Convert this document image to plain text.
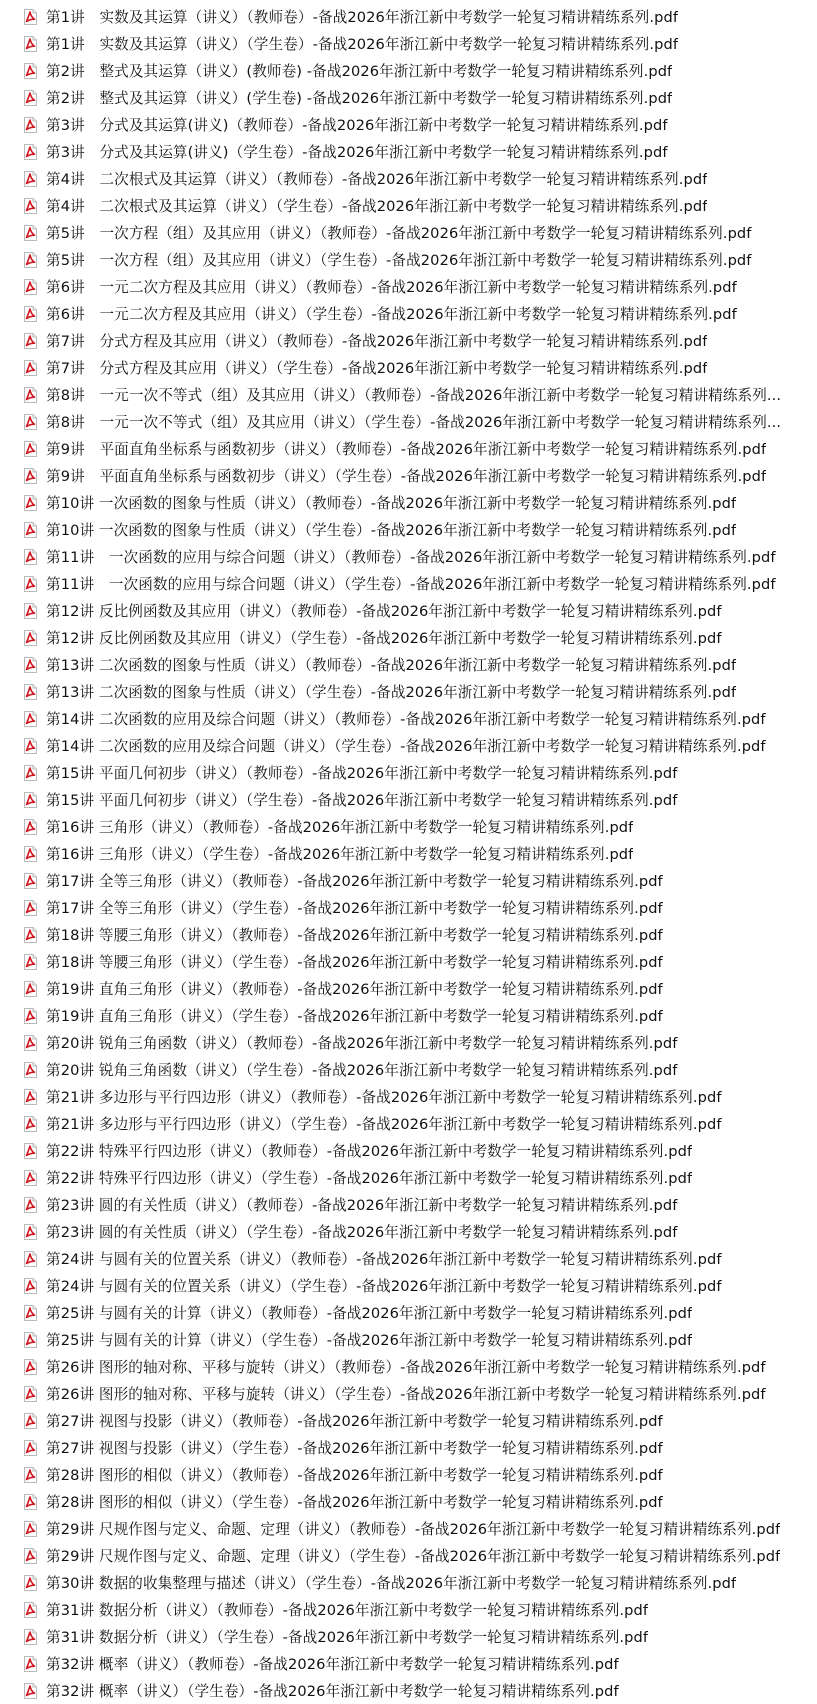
第1讲　实数及其运算（讲义）（教师卷）-备战2026年浙江新中考数学一轮复习精讲精练系列.pdf
第1讲　实数及其运算（讲义）（学生卷）-备战2026年浙江新中考数学一轮复习精讲精练系列.pdf
第2讲　整式及其运算（讲义）(教师卷) -备战2026年浙江新中考数学一轮复习精讲精练系列.pdf
第2讲　整式及其运算（讲义）(学生卷) -备战2026年浙江新中考数学一轮复习精讲精练系列.pdf
第3讲　分式及其运算(讲义)（教师卷）-备战2026年浙江新中考数学一轮复习精讲精练系列.pdf
第3讲　分式及其运算(讲义)（学生卷）-备战2026年浙江新中考数学一轮复习精讲精练系列.pdf
第4讲　二次根式及其运算（讲义）（教师卷）-备战2026年浙江新中考数学一轮复习精讲精练系列.pdf
第4讲　二次根式及其运算（讲义）（学生卷）-备战2026年浙江新中考数学一轮复习精讲精练系列.pdf
第5讲　一次方程（组）及其应用（讲义）（教师卷）-备战2026年浙江新中考数学一轮复习精讲精练系列.pdf
第5讲　一次方程（组）及其应用（讲义）（学生卷）-备战2026年浙江新中考数学一轮复习精讲精练系列.pdf
第6讲　一元二次方程及其应用（讲义）（教师卷）-备战2026年浙江新中考数学一轮复习精讲精练系列.pdf
第6讲　一元二次方程及其应用（讲义）（学生卷）-备战2026年浙江新中考数学一轮复习精讲精练系列.pdf
第7讲　分式方程及其应用（讲义）（教师卷）-备战2026年浙江新中考数学一轮复习精讲精练系列.pdf
第7讲　分式方程及其应用（讲义）（学生卷）-备战2026年浙江新中考数学一轮复习精讲精练系列.pdf
第8讲　一元一次不等式（组）及其应用（讲义）（教师卷）-备战2026年浙江新中考数学一轮复习精讲精练系列...
第8讲　一元一次不等式（组）及其应用（讲义）（学生卷）-备战2026年浙江新中考数学一轮复习精讲精练系列...
第9讲　平面直角坐标系与函数初步（讲义）（教师卷）-备战2026年浙江新中考数学一轮复习精讲精练系列.pdf
第9讲　平面直角坐标系与函数初步（讲义）（学生卷）-备战2026年浙江新中考数学一轮复习精讲精练系列.pdf
第10讲 一次函数的图象与性质（讲义）（教师卷）-备战2026年浙江新中考数学一轮复习精讲精练系列.pdf
第10讲 一次函数的图象与性质（讲义）（学生卷）-备战2026年浙江新中考数学一轮复习精讲精练系列.pdf
第11讲　一次函数的应用与综合问题（讲义）（教师卷）-备战2026年浙江新中考数学一轮复习精讲精练系列.pdf
第11讲　一次函数的应用与综合问题（讲义）（学生卷）-备战2026年浙江新中考数学一轮复习精讲精练系列.pdf
第12讲 反比例函数及其应用（讲义）（教师卷）-备战2026年浙江新中考数学一轮复习精讲精练系列.pdf
第12讲 反比例函数及其应用（讲义）（学生卷）-备战2026年浙江新中考数学一轮复习精讲精练系列.pdf
第13讲 二次函数的图象与性质（讲义）（教师卷）-备战2026年浙江新中考数学一轮复习精讲精练系列.pdf
第13讲 二次函数的图象与性质（讲义）（学生卷）-备战2026年浙江新中考数学一轮复习精讲精练系列.pdf
第14讲 二次函数的应用及综合问题（讲义）（教师卷）-备战2026年浙江新中考数学一轮复习精讲精练系列.pdf
第14讲 二次函数的应用及综合问题（讲义）（学生卷）-备战2026年浙江新中考数学一轮复习精讲精练系列.pdf
第15讲 平面几何初步（讲义）（教师卷）-备战2026年浙江新中考数学一轮复习精讲精练系列.pdf
第15讲 平面几何初步（讲义）（学生卷）-备战2026年浙江新中考数学一轮复习精讲精练系列.pdf
第16讲 三角形（讲义）（教师卷）-备战2026年浙江新中考数学一轮复习精讲精练系列.pdf
第16讲 三角形（讲义）（学生卷）-备战2026年浙江新中考数学一轮复习精讲精练系列.pdf
第17讲 全等三角形（讲义）（教师卷）-备战2026年浙江新中考数学一轮复习精讲精练系列.pdf
第17讲 全等三角形（讲义）（学生卷）-备战2026年浙江新中考数学一轮复习精讲精练系列.pdf
第18讲 等腰三角形（讲义）（教师卷）-备战2026年浙江新中考数学一轮复习精讲精练系列.pdf
第18讲 等腰三角形（讲义）（学生卷）-备战2026年浙江新中考数学一轮复习精讲精练系列.pdf
第19讲 直角三角形（讲义）（教师卷）-备战2026年浙江新中考数学一轮复习精讲精练系列.pdf
第19讲 直角三角形（讲义）（学生卷）-备战2026年浙江新中考数学一轮复习精讲精练系列.pdf
第20讲 锐角三角函数（讲义）（教师卷）-备战2026年浙江新中考数学一轮复习精讲精练系列.pdf
第20讲 锐角三角函数（讲义）（学生卷）-备战2026年浙江新中考数学一轮复习精讲精练系列.pdf
第21讲 多边形与平行四边形（讲义）（教师卷）-备战2026年浙江新中考数学一轮复习精讲精练系列.pdf
第21讲 多边形与平行四边形（讲义）（学生卷）-备战2026年浙江新中考数学一轮复习精讲精练系列.pdf
第22讲 特殊平行四边形（讲义）（教师卷）-备战2026年浙江新中考数学一轮复习精讲精练系列.pdf
第22讲 特殊平行四边形（讲义）（学生卷）-备战2026年浙江新中考数学一轮复习精讲精练系列.pdf
第23讲 圆的有关性质（讲义）（教师卷）-备战2026年浙江新中考数学一轮复习精讲精练系列.pdf
第23讲 圆的有关性质（讲义）（学生卷）-备战2026年浙江新中考数学一轮复习精讲精练系列.pdf
第24讲 与圆有关的位置关系（讲义）（教师卷）-备战2026年浙江新中考数学一轮复习精讲精练系列.pdf
第24讲 与圆有关的位置关系（讲义）（学生卷）-备战2026年浙江新中考数学一轮复习精讲精练系列.pdf
第25讲 与圆有关的计算（讲义）（教师卷）-备战2026年浙江新中考数学一轮复习精讲精练系列.pdf
第25讲 与圆有关的计算（讲义）（学生卷）-备战2026年浙江新中考数学一轮复习精讲精练系列.pdf
第26讲 图形的轴对称、平移与旋转（讲义）（教师卷）-备战2026年浙江新中考数学一轮复习精讲精练系列.pdf
第26讲 图形的轴对称、平移与旋转（讲义）（学生卷）-备战2026年浙江新中考数学一轮复习精讲精练系列.pdf
第27讲 视图与投影（讲义）（教师卷）-备战2026年浙江新中考数学一轮复习精讲精练系列.pdf
第27讲 视图与投影（讲义）（学生卷）-备战2026年浙江新中考数学一轮复习精讲精练系列.pdf
第28讲 图形的相似（讲义）（教师卷）-备战2026年浙江新中考数学一轮复习精讲精练系列.pdf
第28讲 图形的相似（讲义）（学生卷）-备战2026年浙江新中考数学一轮复习精讲精练系列.pdf
第29讲 尺规作图与定义、命题、定理（讲义）（教师卷）-备战2026年浙江新中考数学一轮复习精讲精练系列.pdf
第29讲 尺规作图与定义、命题、定理（讲义）（学生卷）-备战2026年浙江新中考数学一轮复习精讲精练系列.pdf
第30讲 数据的收集整理与描述（讲义）（学生卷）-备战2026年浙江新中考数学一轮复习精讲精练系列.pdf
第31讲 数据分析（讲义）（教师卷）-备战2026年浙江新中考数学一轮复习精讲精练系列.pdf
第31讲 数据分析（讲义）（学生卷）-备战2026年浙江新中考数学一轮复习精讲精练系列.pdf
第32讲 概率（讲义）（教师卷）-备战2026年浙江新中考数学一轮复习精讲精练系列.pdf
第32讲 概率（讲义）（学生卷）-备战2026年浙江新中考数学一轮复习精讲精练系列.pdf
